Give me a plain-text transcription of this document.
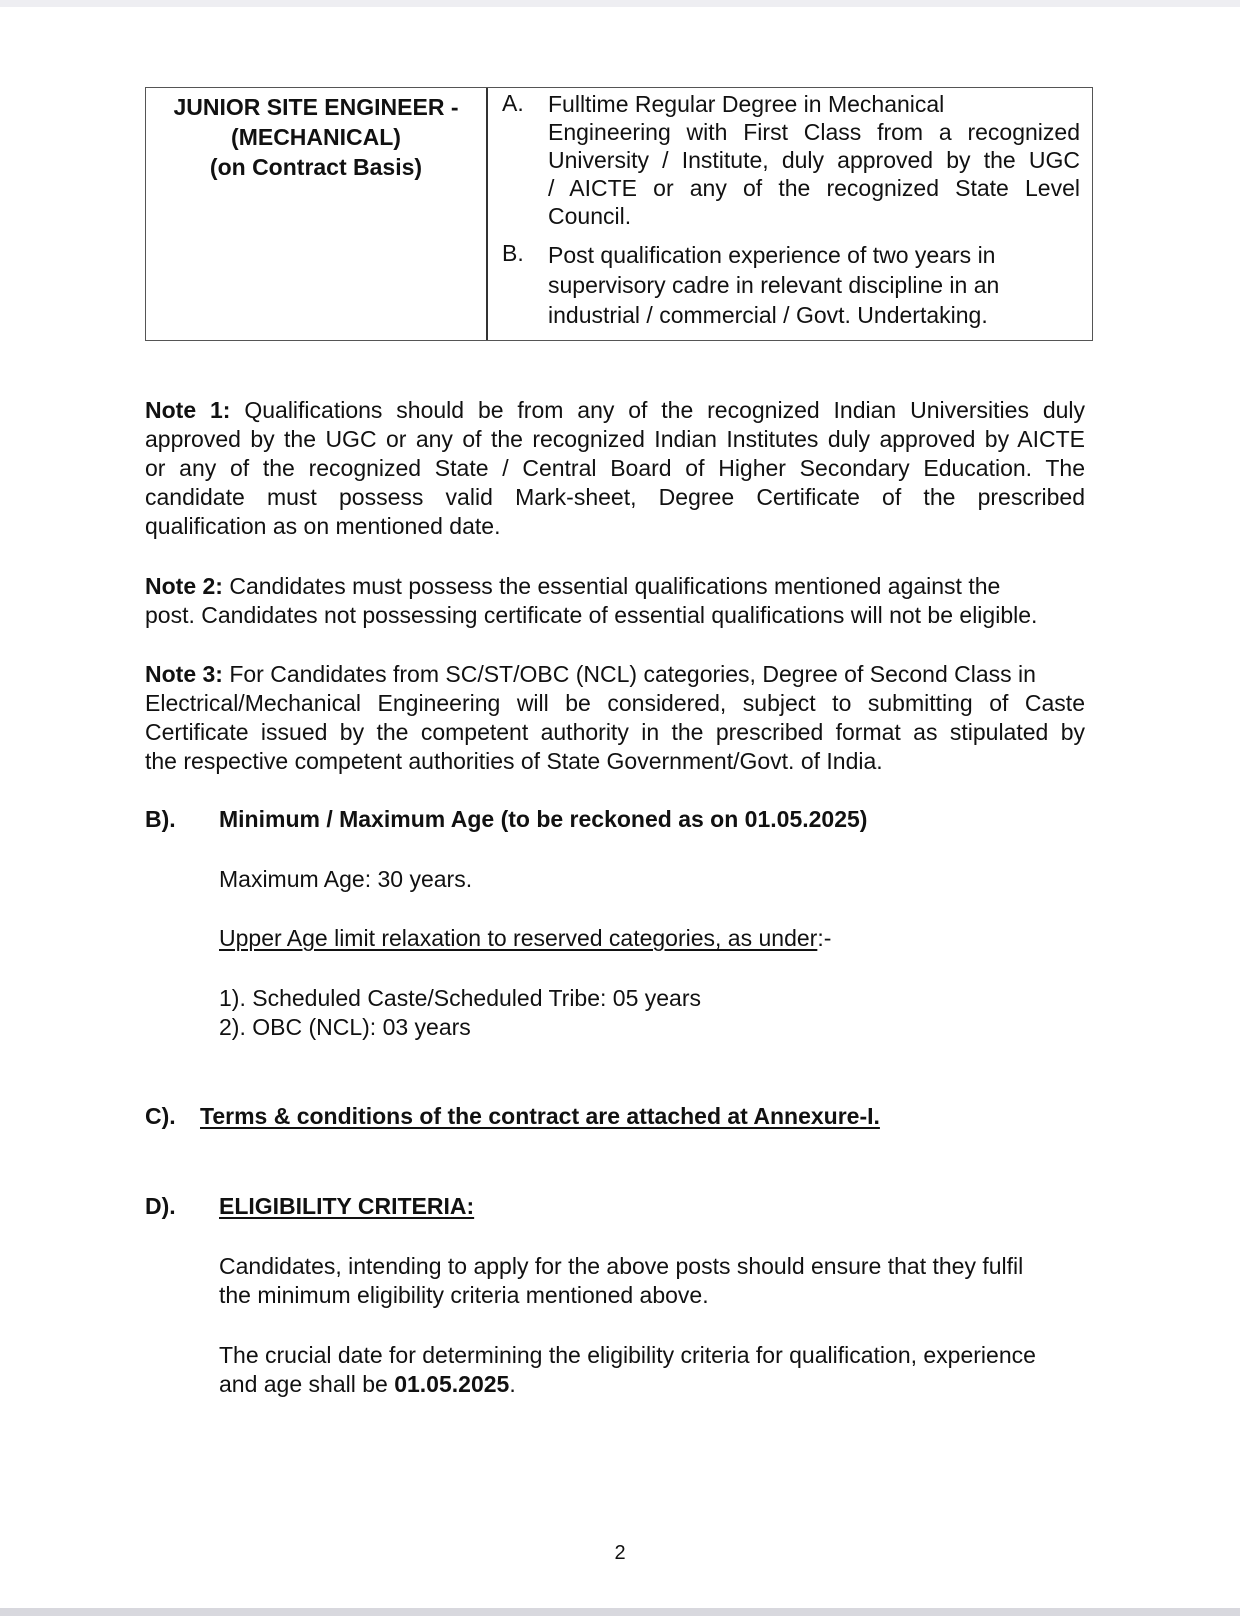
JUNIOR SITE ENGINEER -
(MECHANICAL)
(on Contract Basis)
A. Fulltime Regular Degree in Mechanical
Engineering with First Class from a recognized
University / Institute, duly approved by the UGC
/ AICTE or any of the recognized State Level
Council.
B. Post qualification experience of two years in
supervisory cadre in relevant discipline in an
industrial / commercial / Govt. Undertaking.
Note 1: Qualifications should be from any of the recognized Indian Universities duly
approved by the UGC or any of the recognized Indian Institutes duly approved by AICTE
or any of the recognized State / Central Board of Higher Secondary Education. The
candidate must possess valid Mark-sheet, Degree Certificate of the prescribed
qualification as on mentioned date.
Note 2: Candidates must possess the essential qualifications mentioned against the
post. Candidates not possessing certificate of essential qualifications will not be eligible.
Note 3: For Candidates from SC/ST/OBC (NCL) categories, Degree of Second Class in
Electrical/Mechanical Engineering will be considered, subject to submitting of Caste
Certificate issued by the competent authority in the prescribed format as stipulated by
the respective competent authorities of State Government/Govt. of India.
B). Minimum / Maximum Age (to be reckoned as on 01.05.2025)
Maximum Age: 30 years.
Upper Age limit relaxation to reserved categories, as under:-
1). Scheduled Caste/Scheduled Tribe: 05 years
2). OBC (NCL): 03 years
C). Terms & conditions of the contract are attached at Annexure-I.
D). ELIGIBILITY CRITERIA:
Candidates, intending to apply for the above posts should ensure that they fulfil
the minimum eligibility criteria mentioned above.
The crucial date for determining the eligibility criteria for qualification, experience
and age shall be 01.05.2025.
2
